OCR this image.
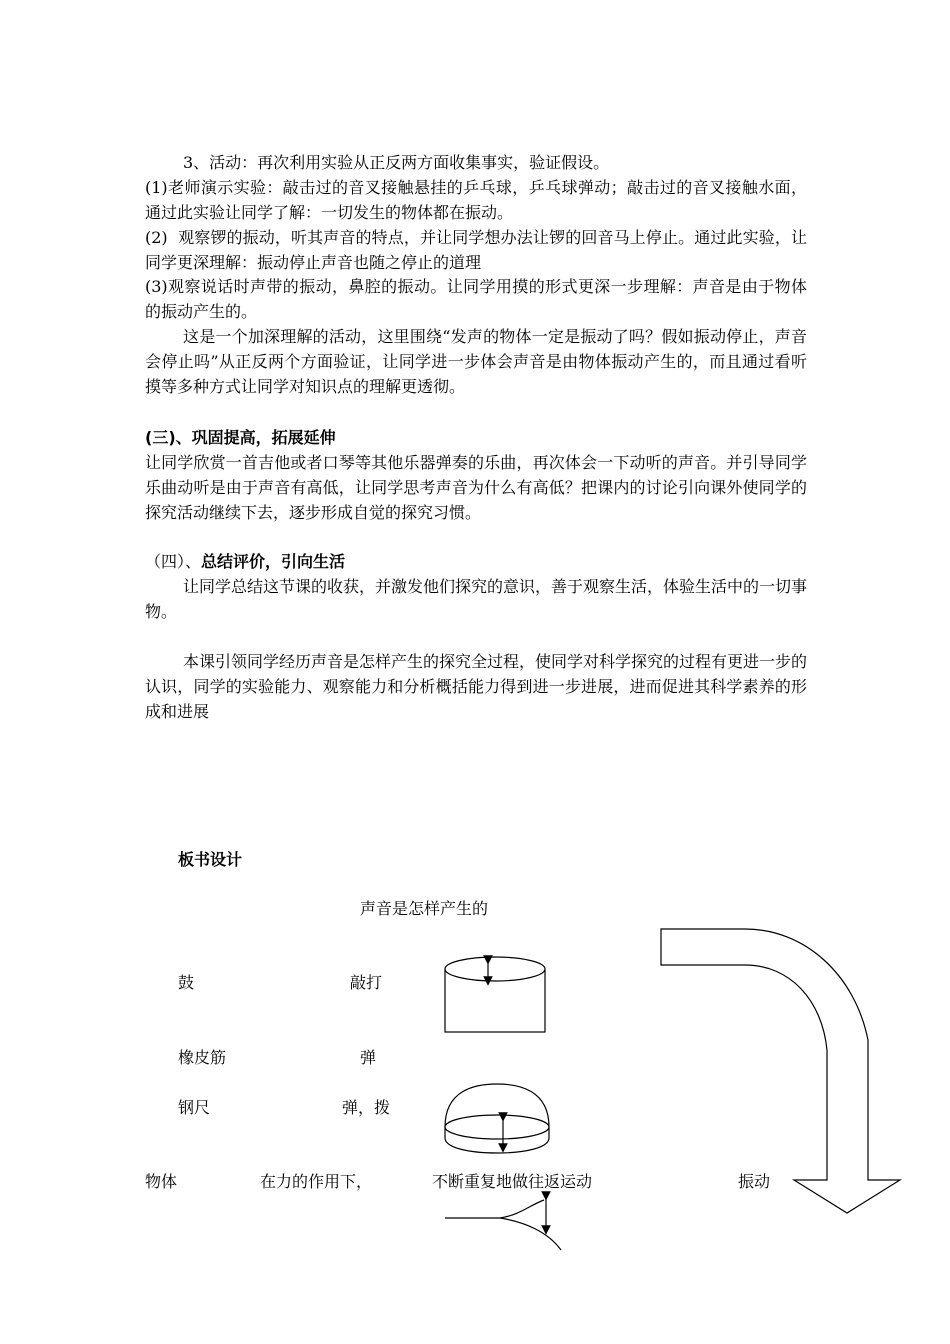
3、活动：再次利用实验从正反两方面收集事实，验证假设。
(1)老师演示实验：敲击过的音叉接触悬挂的乒乓球，乒乓球弹动；敲击过的音叉接触水面，通过此实验让同学了解：一切发生的物体都在振动。
(2)  观察锣的振动，听其声音的特点，并让同学想办法让锣的回音马上停止。通过此实验，让同学更深理解：振动停止声音也随之停止的道理
(3)观察说话时声带的振动，鼻腔的振动。让同学用摸的形式更深一步理解：声音是由于物体的振动产生的。
这是一个加深理解的活动，这里围绕“发声的物体一定是振动了吗？假如振动停止，声音会停止吗”从正反两个方面验证，让同学进一步体会声音是由物体振动产生的，而且通过看听摸等多种方式让同学对知识点的理解更透彻。
(三)、巩固提高，拓展延伸
让同学欣赏一首吉他或者口琴等其他乐器弹奏的乐曲，再次体会一下动听的声音。并引导同学乐曲动听是由于声音有高低，让同学思考声音为什么有高低？把课内的讨论引向课外使同学的探究活动继续下去，逐步形成自觉的探究习惯。
（四）、总结评价，引向生活
让同学总结这节课的收获，并激发他们探究的意识，善于观察生活，体验生活中的一切事物。
本课引领同学经历声音是怎样产生的探究全过程，使同学对科学探究的过程有更进一步的认识，同学的实验能力、观察能力和分析概括能力得到进一步进展，进而促进其科学素养的形成和进展
板书设计
声音是怎样产生的
鼓	敲打
橡皮筋	弹
钢尺	弹，拨
物体	在力的作用下，	不断重复地做往返运动	振动
